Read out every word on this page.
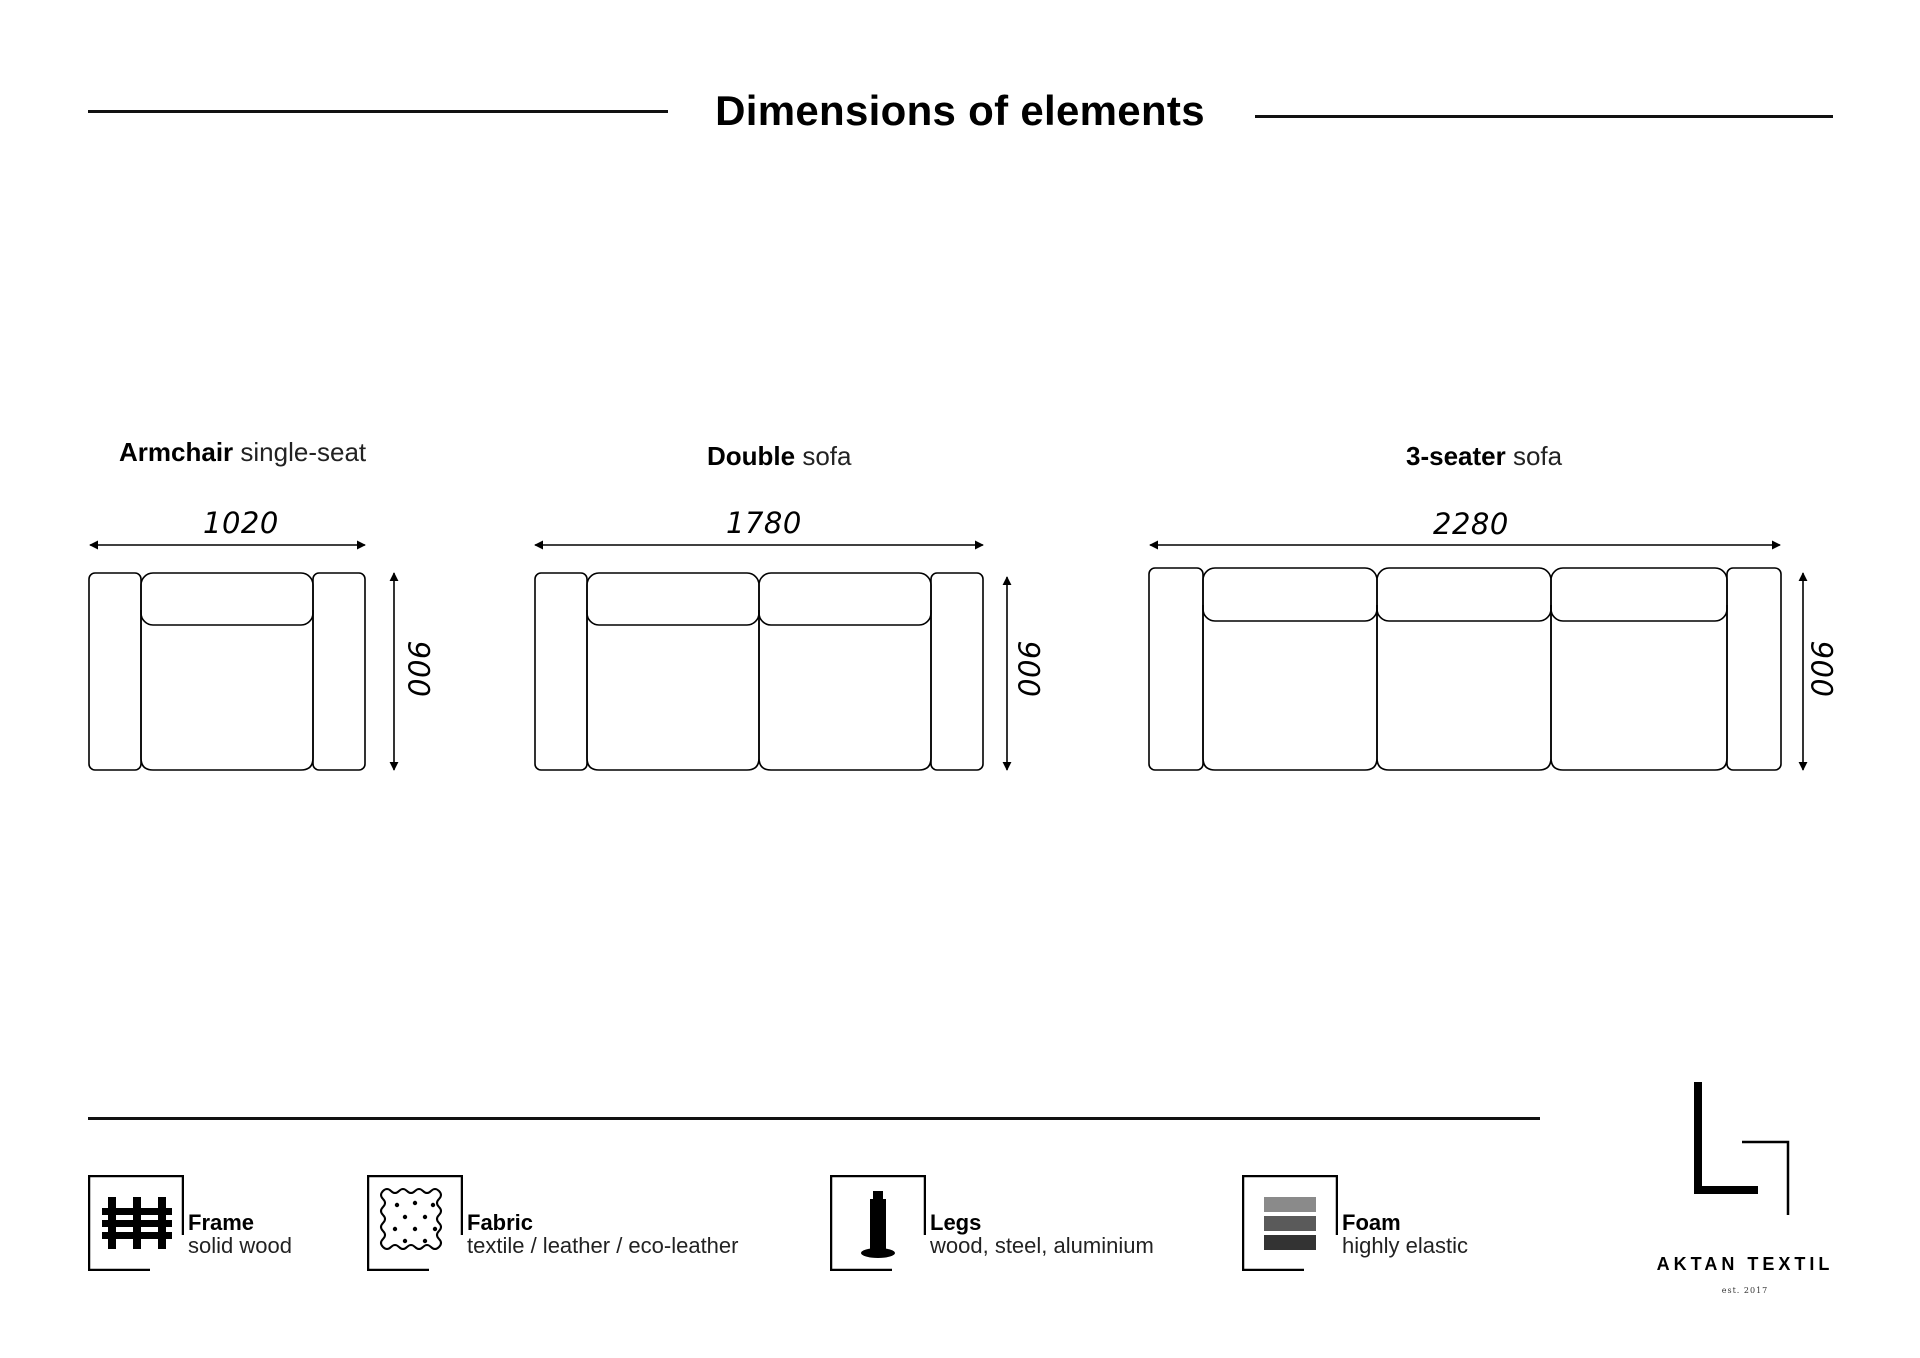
Dimensions of elements
Armchair single-seat	Double sofa	3-seater sofa
1020	1780	2280
900	900	900
Frame
solid wood
Fabric
textile / leather / eco-leather
Legs
wood, steel, aluminium
Foam
highly elastic
AKTAN TEXTIL
est. 2017
